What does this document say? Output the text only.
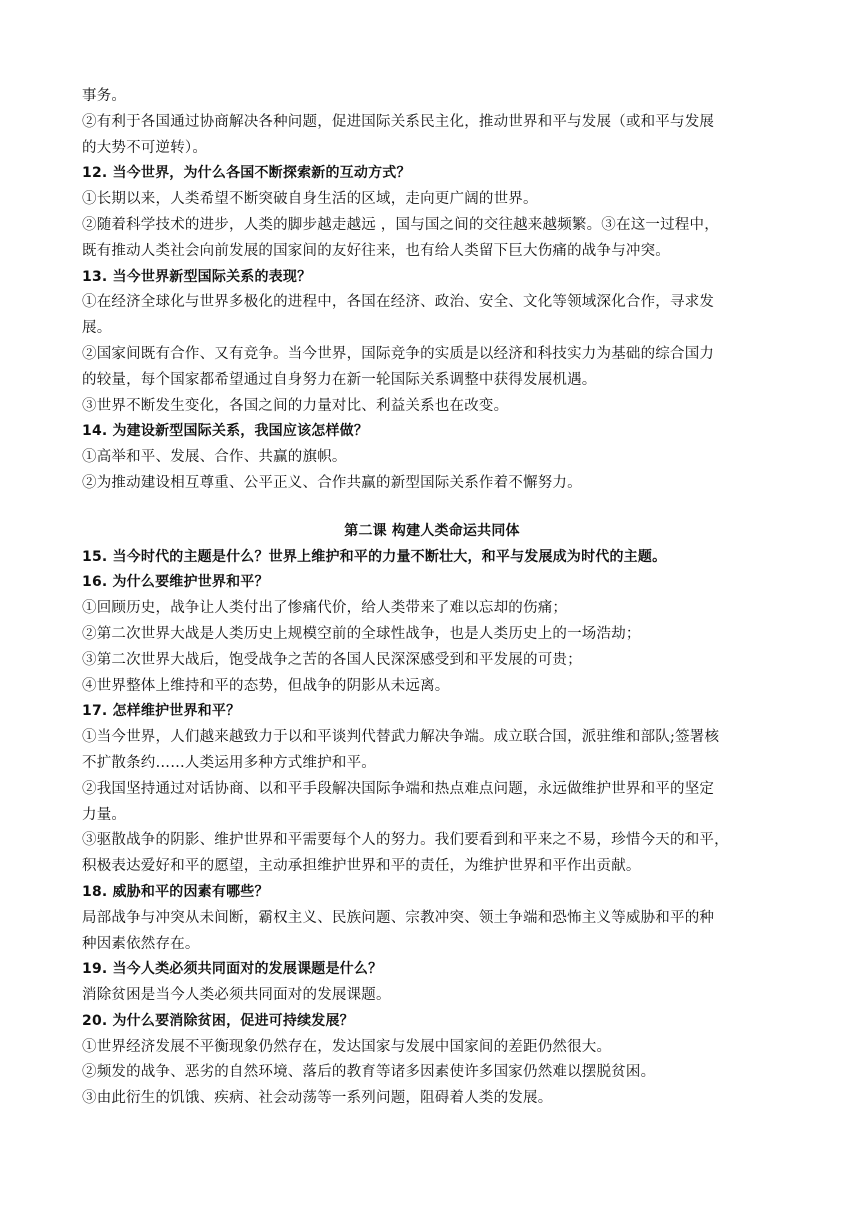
事务。
②有利于各国通过协商解决各种问题，促进国际关系民主化，推动世界和平与发展（或和平与发展
的大势不可逆转）。
12. 当今世界，为什么各国不断探索新的互动方式？
①长期以来，人类希望不断突破自身生活的区域，走向更广阔的世界。
②随着科学技术的进步，人类的脚步越走越远 ，国与国之间的交往越来越频繁。③在这一过程中，
既有推动人类社会向前发展的国家间的友好往来，也有给人类留下巨大伤痛的战争与冲突。
13. 当今世界新型国际关系的表现？
①在经济全球化与世界多极化的进程中，各国在经济、政治、安全、文化等领域深化合作，寻求发
展。
②国家间既有合作、又有竞争。当今世界，国际竞争的实质是以经济和科技实力为基础的综合国力
的较量，每个国家都希望通过自身努力在新一轮国际关系调整中获得发展机遇。
③世界不断发生变化，各国之间的力量对比、利益关系也在改变。
14. 为建设新型国际关系，我国应该怎样做？
①高举和平、发展、合作、共赢的旗帜。
②为推动建设相互尊重、公平正义、合作共赢的新型国际关系作着不懈努力。
第二课 构建人类命运共同体
15. 当今时代的主题是什么？世界上维护和平的力量不断壮大，和平与发展成为时代的主题。
16. 为什么要维护世界和平？
①回顾历史，战争让人类付出了惨痛代价，给人类带来了难以忘却的伤痛；
②第二次世界大战是人类历史上规模空前的全球性战争，也是人类历史上的一场浩劫；
③第二次世界大战后，饱受战争之苦的各国人民深深感受到和平发展的可贵；
④世界整体上维持和平的态势，但战争的阴影从未远离。
17. 怎样维护世界和平？
①当今世界，人们越来越致力于以和平谈判代替武力解决争端。成立联合国，派驻维和部队;签署核
不扩散条约……人类运用多种方式维护和平。
②我国坚持通过对话协商、以和平手段解决国际争端和热点难点问题，永远做维护世界和平的坚定
力量。
③驱散战争的阴影、维护世界和平需要每个人的努力。我们要看到和平来之不易，珍惜今天的和平，
积极表达爱好和平的愿望，主动承担维护世界和平的责任，为维护世界和平作出贡献。
18. 威胁和平的因素有哪些？
局部战争与冲突从未间断，霸权主义、民族问题、宗教冲突、领土争端和恐怖主义等威胁和平的种
种因素依然存在。
19. 当今人类必须共同面对的发展课题是什么？
消除贫困是当今人类必须共同面对的发展课题。
20. 为什么要消除贫困，促进可持续发展？
①世界经济发展不平衡现象仍然存在，发达国家与发展中国家间的差距仍然很大。
②频发的战争、恶劣的自然环境、落后的教育等诸多因素使许多国家仍然难以摆脱贫困。
③由此衍生的饥饿、疾病、社会动荡等一系列问题，阻碍着人类的发展。
